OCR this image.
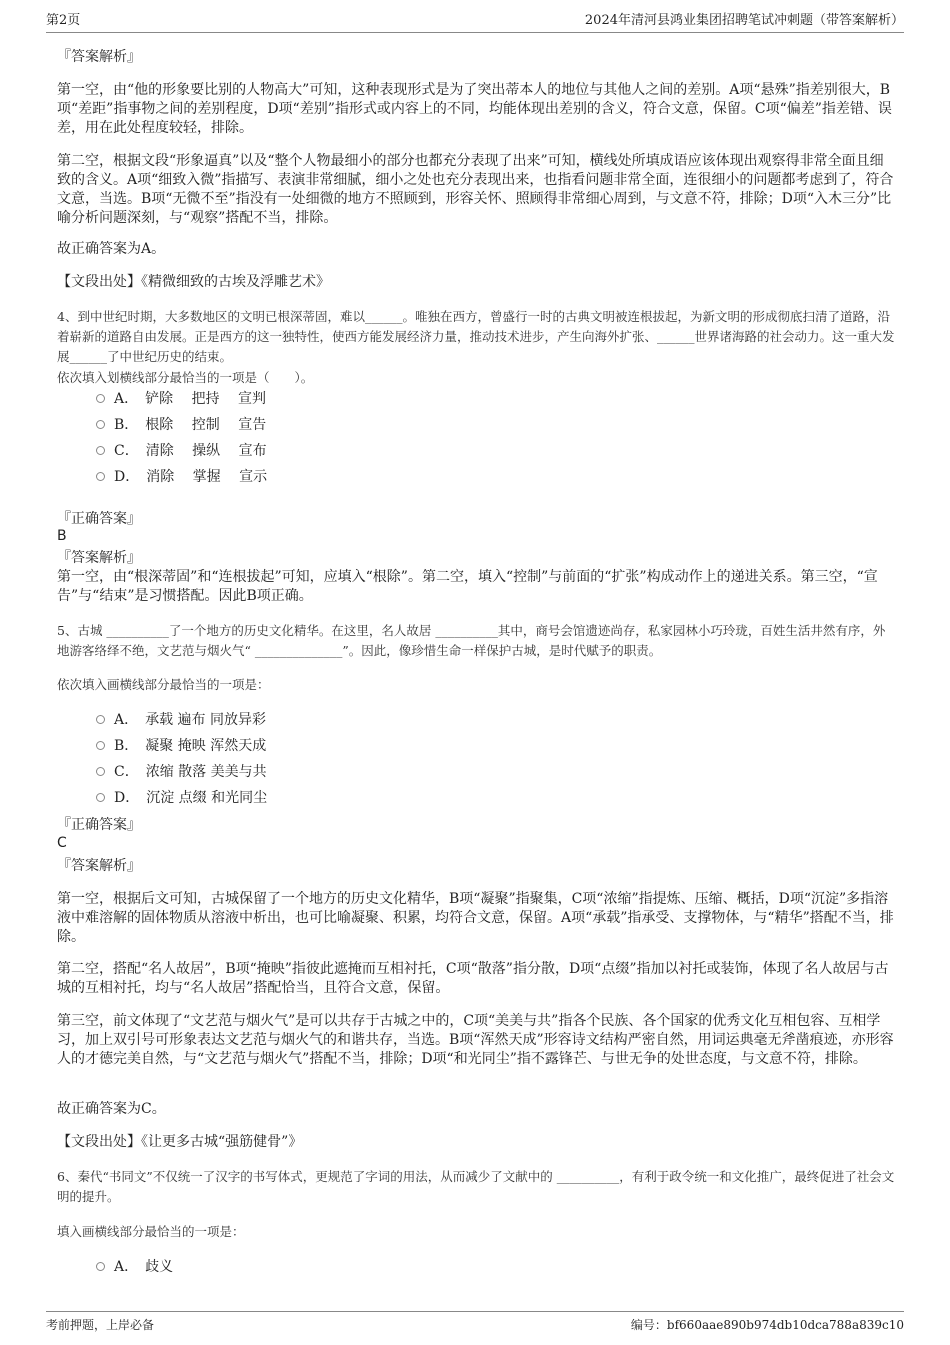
第2页	2024年清河县鸿业集团招聘笔试冲刺题（带答案解析）
『答案解析』
第一空，由“他的形象要比别的人物高大”可知，这种表现形式是为了突出蒂本人的地位与其他人之间的差别。A项“悬殊”指差别很大，B项“差距”指事物之间的差别程度，D项“差别”指形式或内容上的不同，均能体现出差别的含义，符合文意，保留。C项“偏差”指差错、误差，用在此处程度较轻，排除。
第二空，根据文段“形象逼真”以及“整个人物最细小的部分也都充分表现了出来”可知，横线处所填成语应该体现出观察得非常全面且细致的含义。A项“细致入微”指描写、表演非常细腻，细小之处也充分表现出来，也指看问题非常全面，连很细小的问题都考虑到了，符合文意，当选。B项“无微不至”指没有一处细微的地方不照顾到，形容关怀、照顾得非常细心周到，与文意不符，排除；D项“入木三分”比喻分析问题深刻，与“观察”搭配不当，排除。
故正确答案为A。
【文段出处】《精微细致的古埃及浮雕艺术》
4、到中世纪时期，大多数地区的文明已根深蒂固，难以______。唯独在西方，曾盛行一时的古典文明被连根拔起，为新文明的形成彻底扫清了道路，沿着崭新的道路自由发展。正是西方的这一独特性，使西方能发展经济力量，推动技术进步，产生向海外扩张、______世界诸海路的社会动力。这一重大发展______了中世纪历史的结束。
依次填入划横线部分最恰当的一项是（　　）。
A．　铲除　 把持　 宣判
B．　根除　 控制　 宣告
C．　清除　 操纵　 宣布
D．　消除　 掌握　 宣示
『正确答案』
B
『答案解析』
第一空，由“根深蒂固”和“连根拔起”可知，应填入“根除”。第二空，填入“控制”与前面的“扩张”构成动作上的递进关系。第三空，“宣告”与“结束”是习惯搭配。因此B项正确。
5、古城 __________了一个地方的历史文化精华。在这里，名人故居 __________其中，商号会馆遗迹尚存，私家园林小巧玲珑，百姓生活井然有序，外地游客络绎不绝，文艺范与烟火气“ ______________”。因此，像珍惜生命一样保护古城，是时代赋予的职责。
依次填入画横线部分最恰当的一项是：
A．　承载 遍布 同放异彩
B．　凝聚 掩映 浑然天成
C．　浓缩 散落 美美与共
D．　沉淀 点缀 和光同尘
『正确答案』
C
『答案解析』
第一空，根据后文可知，古城保留了一个地方的历史文化精华，B项“凝聚”指聚集，C项“浓缩”指提炼、压缩、概括，D项“沉淀”多指溶液中难溶解的固体物质从溶液中析出，也可比喻凝聚、积累，均符合文意，保留。A项“承载”指承受、支撑物体，与“精华”搭配不当，排除。
第二空，搭配“名人故居”，B项“掩映”指彼此遮掩而互相衬托，C项“散落”指分散，D项“点缀”指加以衬托或装饰，体现了名人故居与古城的互相衬托，均与“名人故居”搭配恰当，且符合文意，保留。
第三空，前文体现了“文艺范与烟火气”是可以共存于古城之中的，C项“美美与共”指各个民族、各个国家的优秀文化互相包容、互相学习，加上双引号可形象表达文艺范与烟火气的和谐共存，当选。B项“浑然天成”形容诗文结构严密自然，用词运典毫无斧凿痕迹，亦形容人的才德完美自然，与“文艺范与烟火气”搭配不当，排除；D项“和光同尘”指不露锋芒、与世无争的处世态度，与文意不符，排除。
故正确答案为C。
【文段出处】《让更多古城“强筋健骨”》
6、秦代“书同文”不仅统一了汉字的书写体式，更规范了字词的用法，从而减少了文献中的 __________，有利于政令统一和文化推广，最终促进了社会文明的提升。
填入画横线部分最恰当的一项是：
A．　歧义
考前押题，上岸必备	编号：bf660aae890b974db10dca788a839c10
